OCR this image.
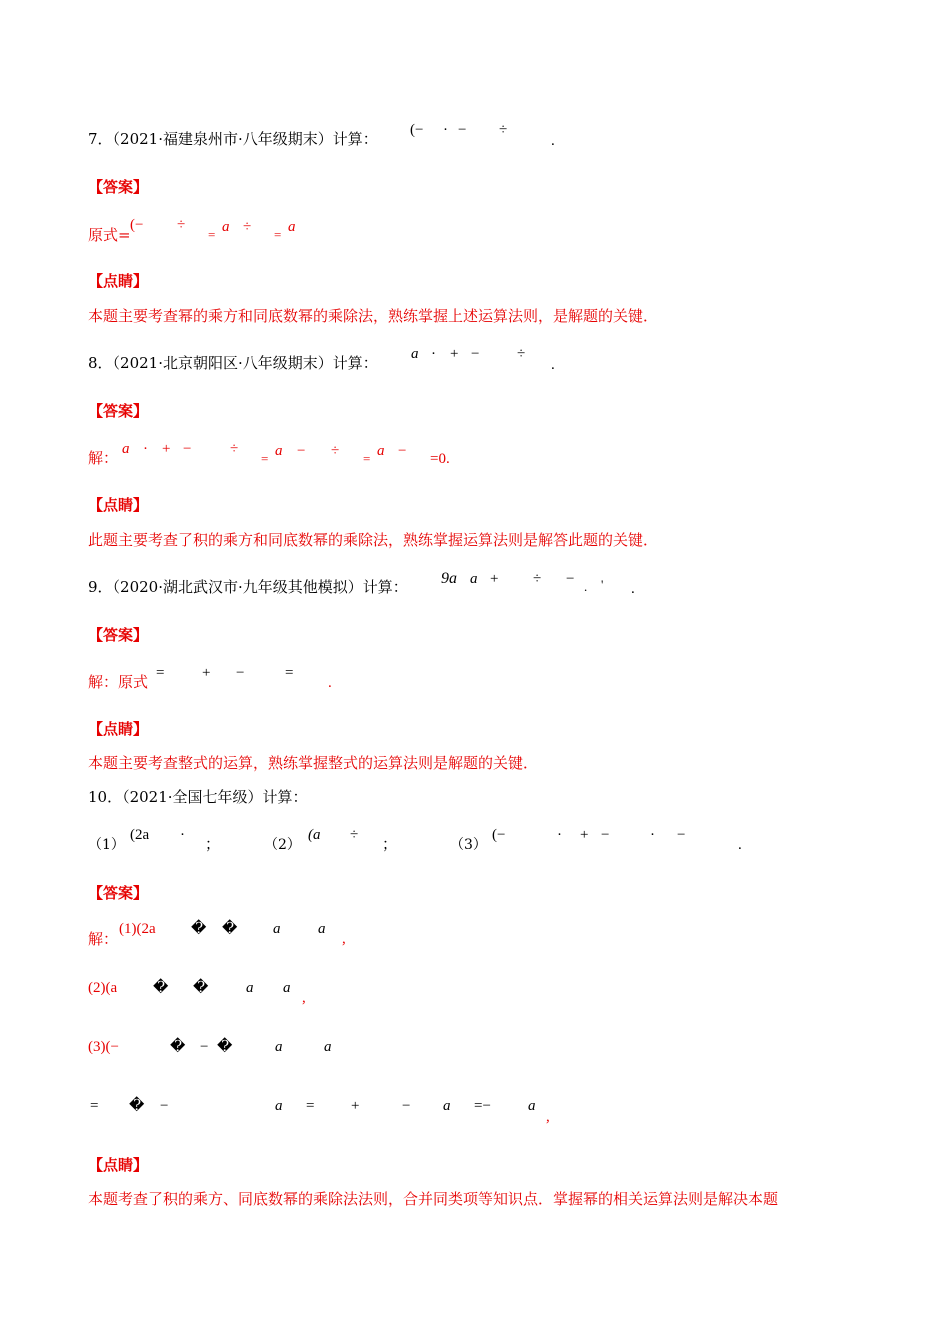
7．（2021·福建泉州市·八年级期末）计算： (− · − ÷
.
【答案】
原式=
(− ÷
= a ÷ = a
【点睛】
本题主要考查幂的乘方和同底数幂的乘除法，熟练掌握上述运算法则，是解题的关键．
8．（2021·北京朝阳区·八年级期末）计算： a · + −	÷
.
【答案】
解： a · + −	÷
= a − ÷ = a − =0.
【点睛】
此题主要考查了积的乘方和同底数幂的乘除法，熟练掌握运算法则是解答此题的关键．
9．（2020·湖北武汉市·九年级其他模拟）计算： 9a a + ÷ − . ' .
【答案】
解：原式 =	+ −	=
.
【点睛】
本题主要考查整式的运算，熟练掌握整式的运算法则是解题的关键．
10．（2021·全国七年级）计算：
（1）
(2a ·
；	（2）
(a ÷
；	（3）
(−	· + −	· −
.
【答案】
解：
(1)(2a � � a	a
,
(2)(a � �	a a
,
(3)(−	� − �	a	a
= � −	a = +	− a =− a
,
【点睛】
本题考查了积的乘方、同底数幂的乘除法法则，合并同类项等知识点．掌握幂的相关运算法则是解决本题
